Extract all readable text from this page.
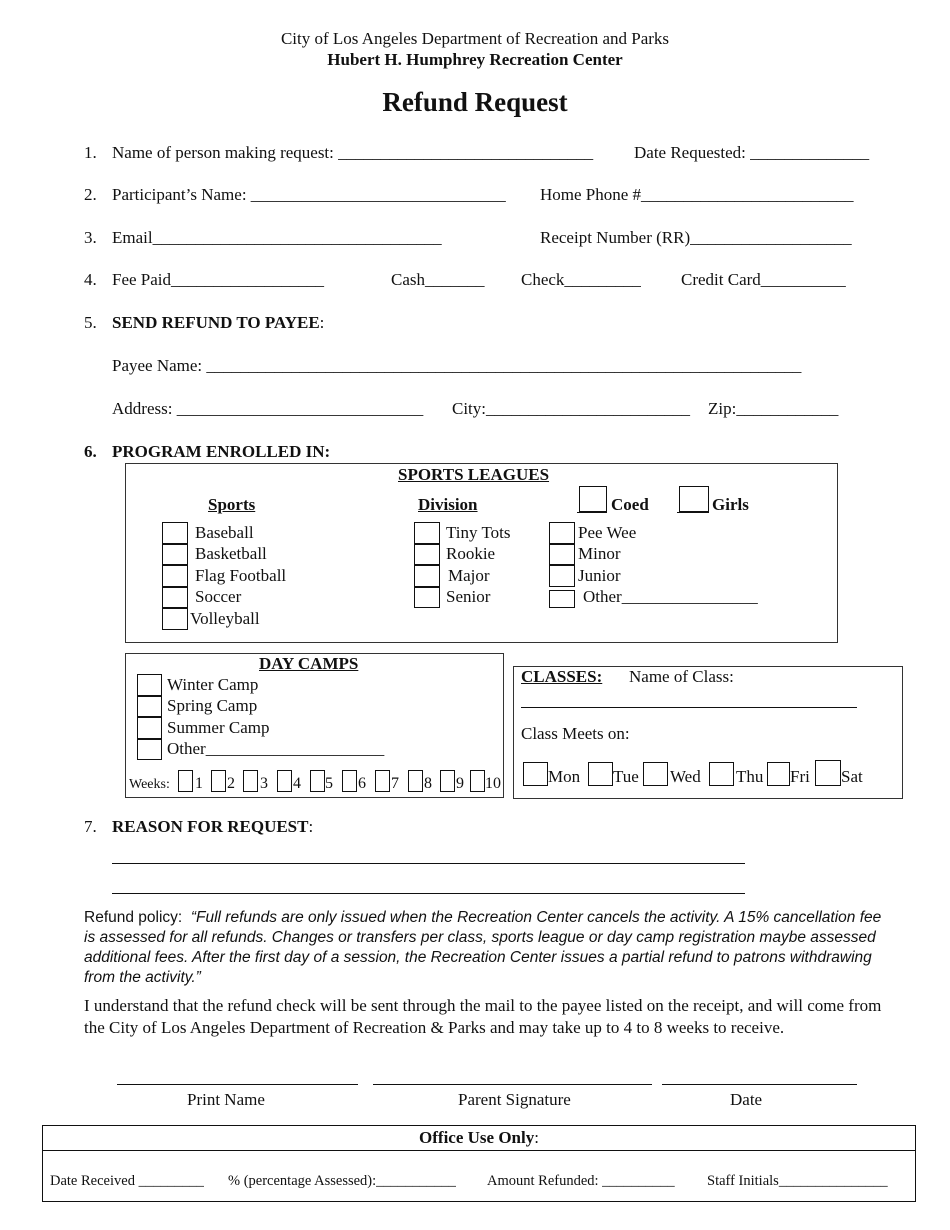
City of Los Angeles Department of Recreation and Parks
Hubert H. Humphrey Recreation Center
Refund Request
1. Name of person making request: ______________________________ Date Requested: ______________
2. Participant’s Name: ______________________________ Home Phone #_________________________
3. Email__________________________________	Receipt Number (RR)___________________
4. Fee Paid__________________	Cash_______ Check_________ Credit Card__________
5. SEND REFUND TO PAYEE:
Payee Name: ______________________________________________________________________
Address: _____________________________ City:________________________ Zip:____________
6. PROGRAM ENROLLED IN:
SPORTS LEAGUES
Sports	Division	Coed	Girls
Baseball
Basketball
Flag Football
Soccer
Volleyball
Tiny Tots
Rookie
Major
Senior
Pee Wee
Minor
Junior
Other________________
DAY CAMPS
Winter Camp
Spring Camp
Summer Camp
Other_____________________
Weeks: 1 2 3 4 5 6 7 8 9 10
CLASSES: Name of Class:
Class Meets on:
Mon Tue Wed Thu Fri Sat
7. REASON FOR REQUEST:
Refund policy: “Full refunds are only issued when the Recreation Center cancels the activity. A 15% cancellation fee is assessed for all refunds. Changes or transfers per class, sports league or day camp registration maybe assessed additional fees. After the first day of a session, the Recreation Center issues a partial refund to patrons withdrawing from the activity.”
I understand that the refund check will be sent through the mail to the payee listed on the receipt, and will come from the City of Los Angeles Department of Recreation & Parks and may take up to 4 to 8 weeks to receive.
Print Name	Parent Signature	Date
Office Use Only:
Date Received _________ % (percentage Assessed):___________ Amount Refunded: __________ Staff Initials_______________
